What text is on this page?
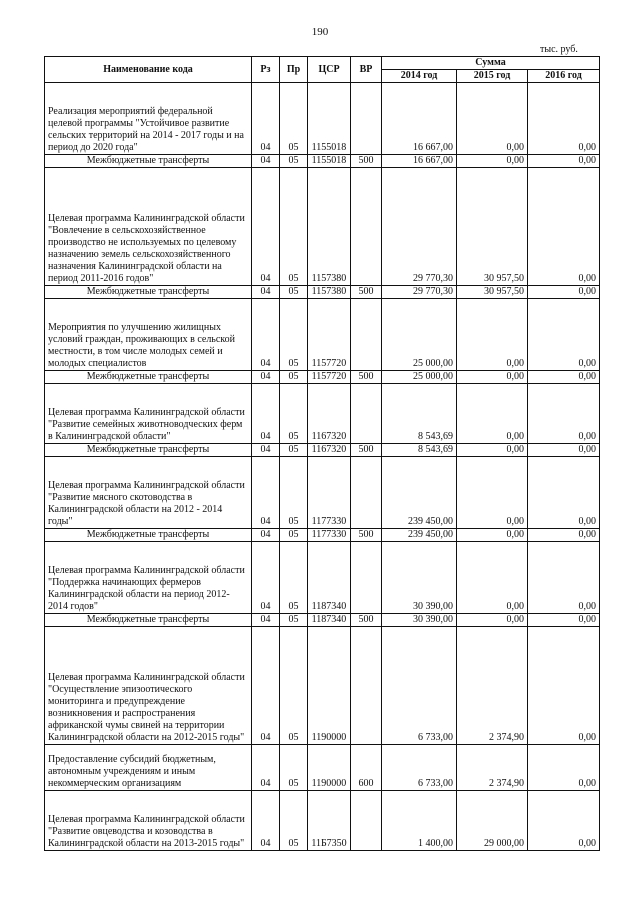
190
тыс. руб.
Наименование кода	Рз	Пр	ЦСР	ВР	Сумма		
					2014 год	2015 год	2016 год
Реализация мероприятий федеральной целевой программы "Устойчивое развитие сельских территорий на 2014 - 2017 годы и на период до 2020 года"	04	05	1155018		16 667,00	0,00	0,00
Межбюджетные трансферты	04	05	1155018	500	16 667,00	0,00	0,00
Целевая программа Калининградской области "Вовлечение в сельскохозяйственное производство не используемых по целевому назначению земель сельскохозяйственного назначения Калининградской области на период 2011-2016 годов"	04	05	1157380		29 770,30	30 957,50	0,00
Межбюджетные трансферты	04	05	1157380	500	29 770,30	30 957,50	0,00
Мероприятия по улучшению жилищных условий граждан, проживающих в сельской местности, в том числе молодых семей и молодых специалистов	04	05	1157720		25 000,00	0,00	0,00
Межбюджетные трансферты	04	05	1157720	500	25 000,00	0,00	0,00
Целевая программа Калининградской области "Развитие семейных животноводческих ферм в Калининградской области"	04	05	1167320		8 543,69	0,00	0,00
Межбюджетные трансферты	04	05	1167320	500	8 543,69	0,00	0,00
Целевая программа Калининградской области "Развитие мясного скотоводства в Калининградской области на 2012 - 2014 годы"	04	05	1177330		239 450,00	0,00	0,00
Межбюджетные трансферты	04	05	1177330	500	239 450,00	0,00	0,00
Целевая программа Калининградской области "Поддержка начинающих фермеров Калининградской области на период 2012-2014 годов"	04	05	1187340		30 390,00	0,00	0,00
Межбюджетные трансферты	04	05	1187340	500	30 390,00	0,00	0,00
Целевая программа Калининградской области "Осуществление эпизоотического мониторинга и предупреждение возникновения и распространения африканской чумы свиней на территории Калининградской области на 2012-2015 годы"	04	05	1190000		6 733,00	2 374,90	0,00
Предоставление субсидий бюджетным, автономным учреждениям и иным некоммерческим организациям	04	05	1190000	600	6 733,00	2 374,90	0,00
Целевая программа Калининградской области "Развитие овцеводства и козоводства в Калининградской области на 2013-2015 годы"	04	05	11Б7350		1 400,00	29 000,00	0,00
